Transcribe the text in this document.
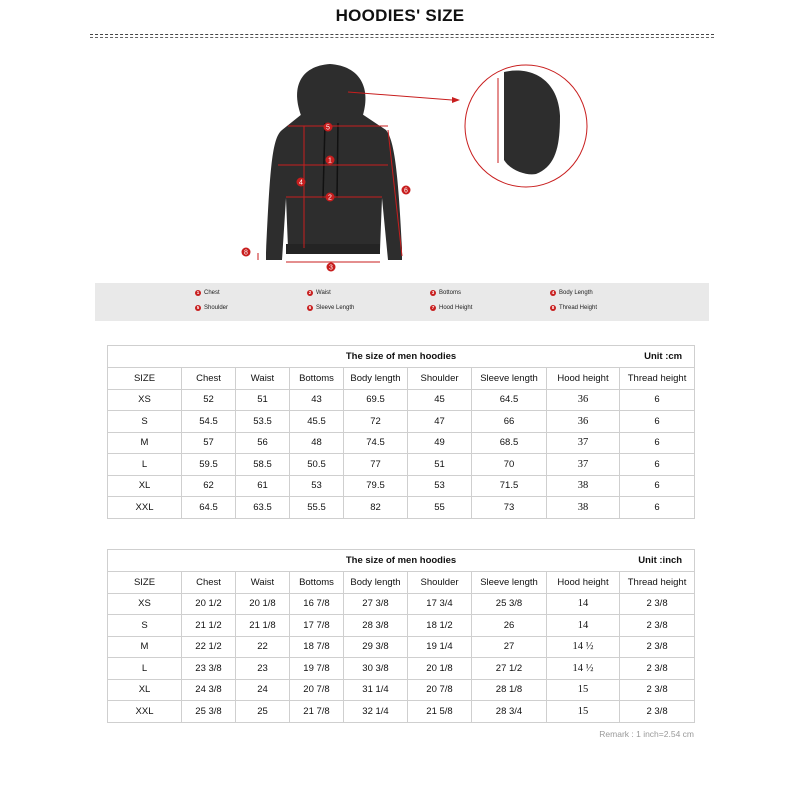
HOODIES' SIZE
1
2
3
4
5
6
8
1 Chest	2 Waist	3 Bottoms	4 Body Length
5 Shoulder	6 Sleeve Length	7 Hood Height	8 Thread Height
The size of men hoodies Unit :cm								

SIZE	Chest	Waist	Bottoms	Body length	Shoulder	Sleeve length	Hood height	Thread height
XS	52	51	43	69.5	45	64.5	36	6
S	54.5	53.5	45.5	72	47	66	36	6
M	57	56	48	74.5	49	68.5	37	6
L	59.5	58.5	50.5	77	51	70	37	6
XL	62	61	53	79.5	53	71.5	38	6
XXL	64.5	63.5	55.5	82	55	73	38	6
The size of men hoodies Unit :inch								

SIZE	Chest	Waist	Bottoms	Body length	Shoulder	Sleeve length	Hood height	Thread height
XS	20 1/2	20 1/8	16 7/8	27 3/8	17 3/4	25 3/8	14	2 3/8
S	21 1/2	21 1/8	17 7/8	28 3/8	18 1/2	26	14	2 3/8
M	22 1/2	22	18 7/8	29 3/8	19 1/4	27	14 ½	2 3/8
L	23 3/8	23	19 7/8	30 3/8	20 1/8	27 1/2	14 ½	2 3/8
XL	24 3/8	24	20 7/8	31 1/4	20 7/8	28 1/8	15	2 3/8
XXL	25 3/8	25	21 7/8	32 1/4	21 5/8	28 3/4	15	2 3/8
Remark : 1 inch=2.54 cm
